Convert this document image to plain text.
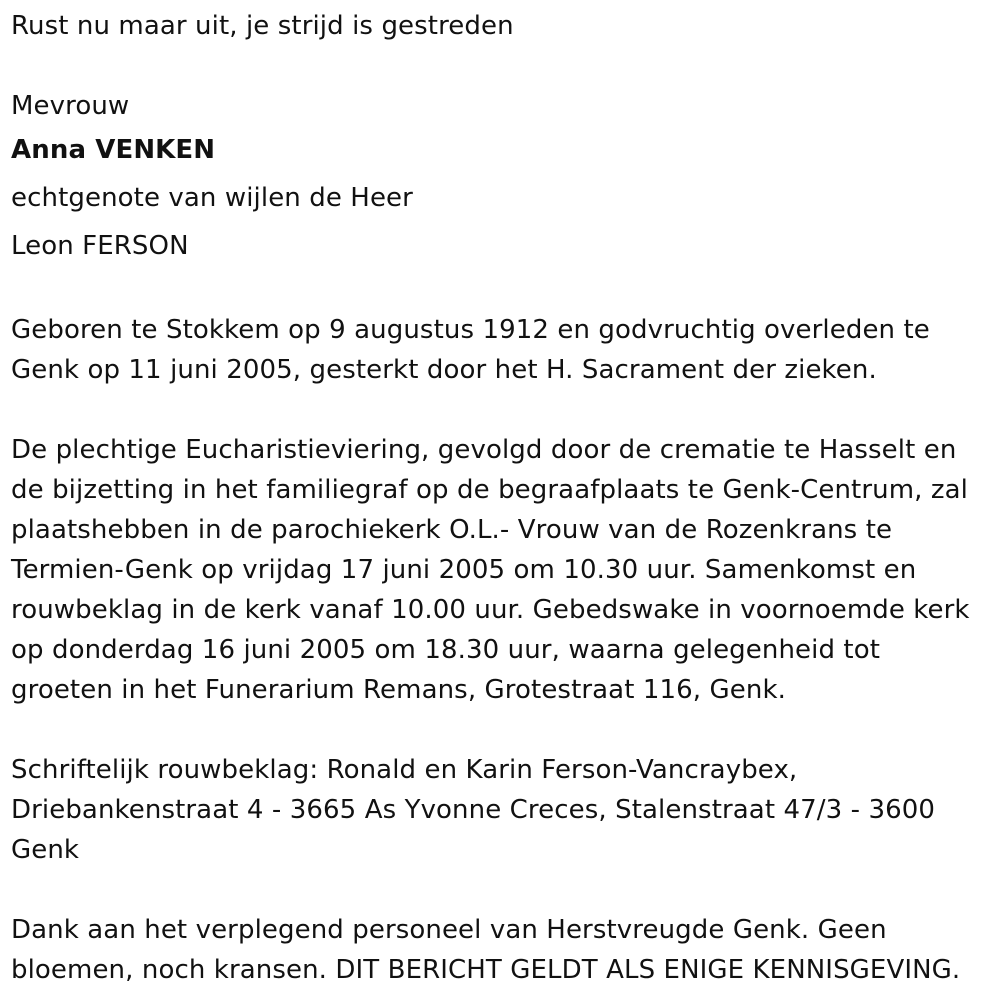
Rust nu maar uit, je strijd is gestreden
Mevrouw
Anna VENKEN
echtgenote van wijlen de Heer
Leon FERSON
Geboren te Stokkem op 9 augustus 1912 en godvruchtig overleden te
Genk op 11 juni 2005, gesterkt door het H. Sacrament der zieken.
De plechtige Eucharistieviering, gevolgd door de crematie te Hasselt en
de bijzetting in het familiegraf op de begraafplaats te Genk-Centrum, zal
plaatshebben in de parochiekerk O.L.- Vrouw van de Rozenkrans te
Termien-Genk op vrijdag 17 juni 2005 om 10.30 uur. Samenkomst en
rouwbeklag in de kerk vanaf 10.00 uur. Gebedswake in voornoemde kerk
op donderdag 16 juni 2005 om 18.30 uur, waarna gelegenheid tot
groeten in het Funerarium Remans, Grotestraat 116, Genk.
Schriftelijk rouwbeklag: Ronald en Karin Ferson-Vancraybex,
Driebankenstraat 4 - 3665 As Yvonne Creces, Stalenstraat 47/3 - 3600
Genk
Dank aan het verplegend personeel van Herstvreugde Genk. Geen
bloemen, noch kransen. DIT BERICHT GELDT ALS ENIGE KENNISGEVING.
